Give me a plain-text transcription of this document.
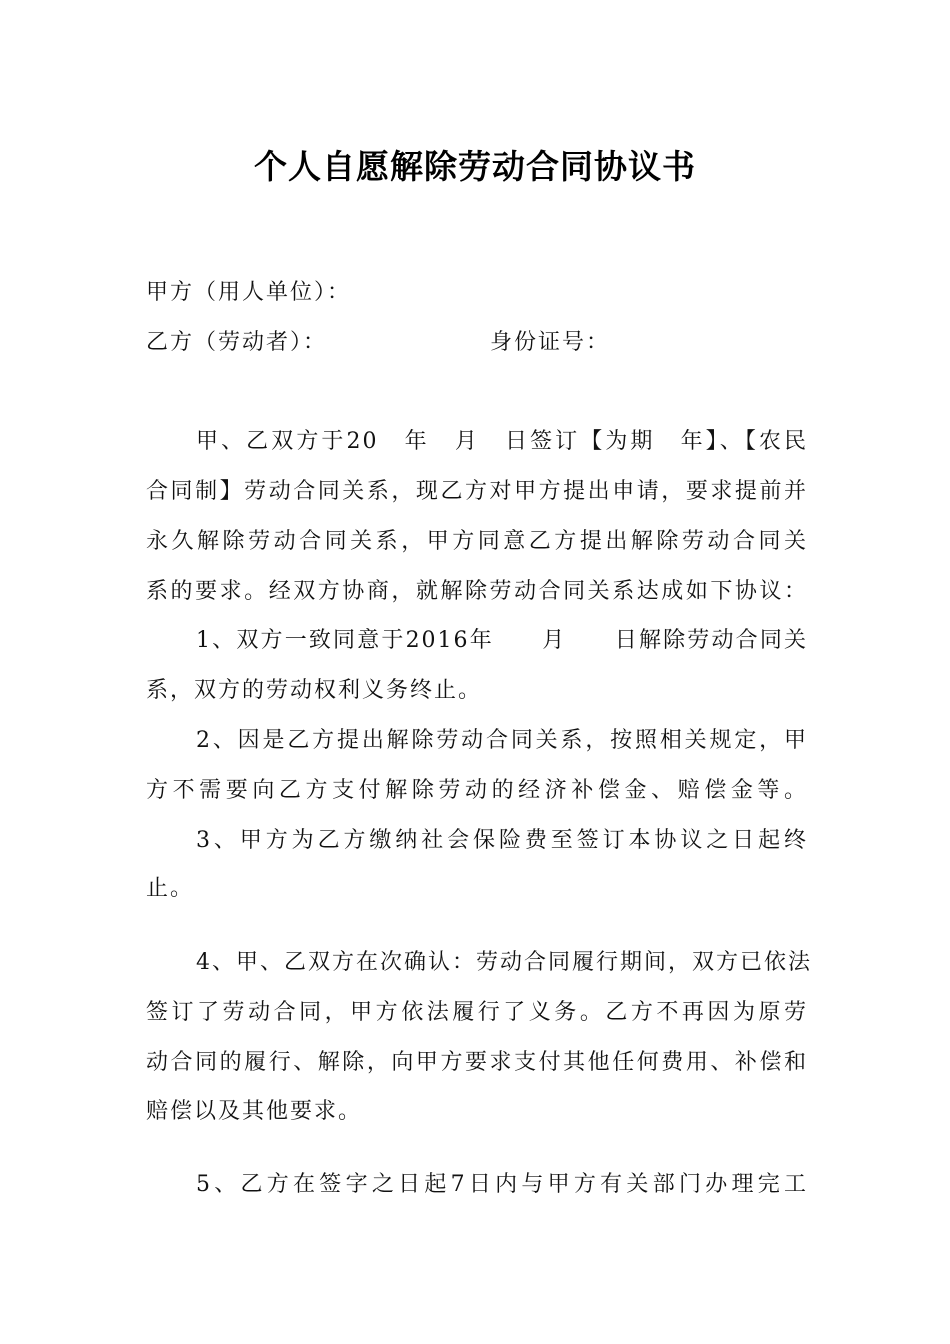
个人自愿解除劳动合同协议书
甲方（用人单位）：
乙方（劳动者）：	身份证号：
甲、乙双方于20　年　月　日签订【为期　年】、【农民
合同制】劳动合同关系，现乙方对甲方提出申请，要求提前并
永久解除劳动合同关系，甲方同意乙方提出解除劳动合同关
系的要求。经双方协商，就解除劳动合同关系达成如下协议：
1、双方一致同意于2016年　　月　　日解除劳动合同关
系，双方的劳动权利义务终止。
2、因是乙方提出解除劳动合同关系，按照相关规定，甲
方不需要向乙方支付解除劳动的经济补偿金、赔偿金等。
3、甲方为乙方缴纳社会保险费至签订本协议之日起终
止。
4、甲、乙双方在次确认：劳动合同履行期间，双方已依法
签订了劳动合同，甲方依法履行了义务。乙方不再因为原劳
动合同的履行、解除，向甲方要求支付其他任何费用、补偿和
赔偿以及其他要求。
5、乙方在签字之日起7日内与甲方有关部门办理完工
